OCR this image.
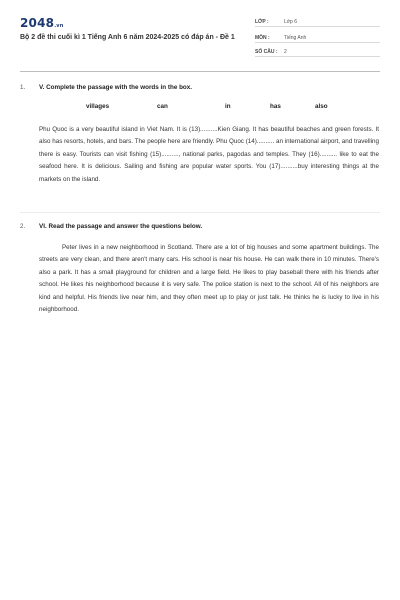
2048.vn
Bộ 2 đề thi cuối kì 1 Tiếng Anh 6 năm 2024-2025 có đáp án - Đề 1
LỚP :	Lớp 6
MÔN :	Tiếng Anh
SỐ CÂU : 2
1. V. Complete the passage with the words in the box.
villages	can	in	has	also
Phu Quoc is a very beautiful island in Viet Nam. It is (13)..........Kien Giang. It has beautiful beaches and green forests. It also has resorts, hotels, and bars. The people here are friendly. Phu Quoc (14).......... an international airport, and travelling there is easy. Tourists can visit fishing (15).........., national parks, pagodas and temples. They (16).......... like to eat the seafood here. It is delicious. Sailing and fishing are popular water sports. You (17)..........buy interesting things at the markets on the island.
2. VI. Read the passage and answer the questions below.
Peter lives in a new neighborhood in Scotland. There are a lot of big houses and some apartment buildings. The streets are very clean, and there aren't many cars. His school is near his house. He can walk there in 10 minutes. There's also a park. It has a small playground for children and a large field. He likes to play baseball there with his friends after school. He likes his neighborhood because it is very safe. The police station is next to the school. All of his neighbors are kind and helpful. His friends live near him, and they often meet up to play or just talk. He thinks he is lucky to live in his neighborhood.
